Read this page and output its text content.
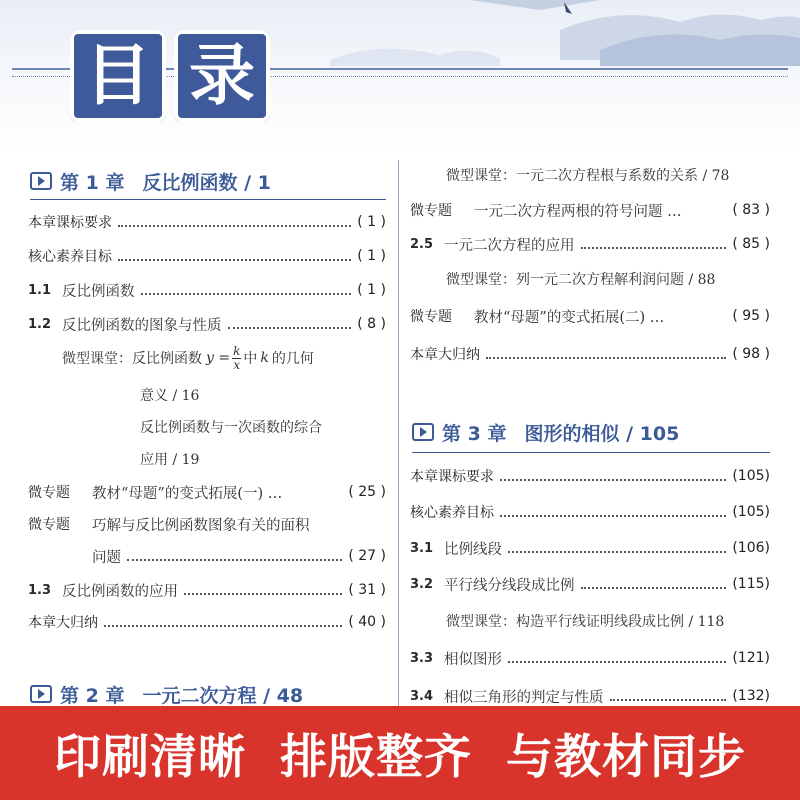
目 录
第 1 章 反比例函数 / 1
本章课标要求	( 1 )
核心素养目标	( 1 )
1.1 反比例函数	( 1 )
1.2 反比例函数的图象与性质	( 8 )
微型课堂：反比例函数 $y = \frac{k}{x}$ 中 k 的几何
意义 / 16
反比例函数与一次函数的综合
应用 / 19
微专题	教材“母题”的变式拓展(一) …	( 25 )
微专题	巧解与反比例函数图象有关的面积
问题	( 27 )
1.3 反比例函数的应用	( 31 )
本章大归纳	( 40 )
第 2 章 一元二次方程 / 48
微型课堂：一元二次方程根与系数的关系 / 78
微专题	一元二次方程两根的符号问题 …	( 83 )
2.5 一元二次方程的应用	( 85 )
微型课堂：列一元二次方程解利润问题 / 88
微专题	教材“母题”的变式拓展(二) …	( 95 )
本章大归纳	( 98 )
第 3 章 图形的相似 / 105
本章课标要求	(105)
核心素养目标	(105)
3.1 比例线段	(106)
3.2 平行线分线段成比例	(115)
微型课堂：构造平行线证明线段成比例 / 118
3.3 相似图形	(121)
3.4 相似三角形的判定与性质	(132)
印刷清晰 排版整齐 与教材同步
